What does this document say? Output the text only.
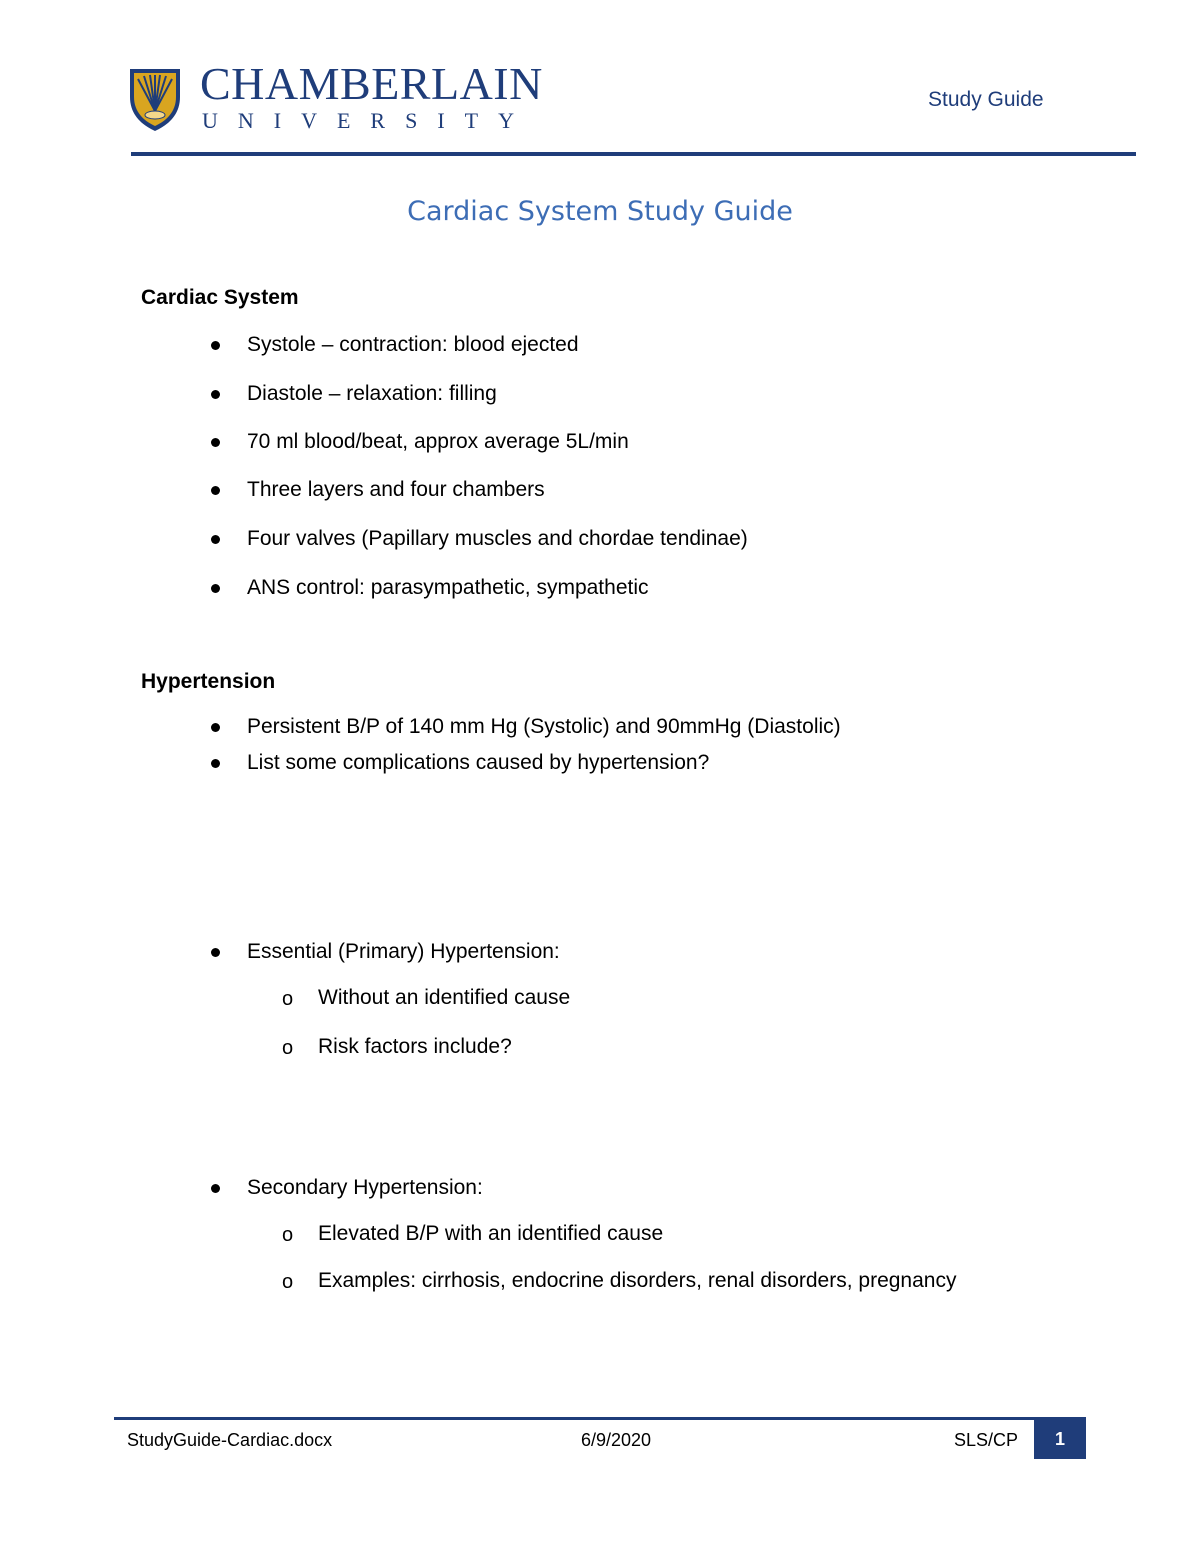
CHAMBERLAIN
UNIVERSITY
Study Guide
Cardiac System Study Guide
Cardiac System
Systole – contraction: blood ejected
Diastole – relaxation: filling
70 ml blood/beat, approx average 5L/min
Three layers and four chambers
Four valves (Papillary muscles and chordae tendinae)
ANS control: parasympathetic, sympathetic
Hypertension
Persistent B/P of 140 mm Hg (Systolic) and 90mmHg (Diastolic)
List some complications caused by hypertension?
Essential (Primary) Hypertension:
o Without an identified cause
o Risk factors include?
Secondary Hypertension:
o Elevated B/P with an identified cause
o Examples: cirrhosis, endocrine disorders, renal disorders, pregnancy
StudyGuide-Cardiac.docx	6/9/2020	SLS/CP	1
